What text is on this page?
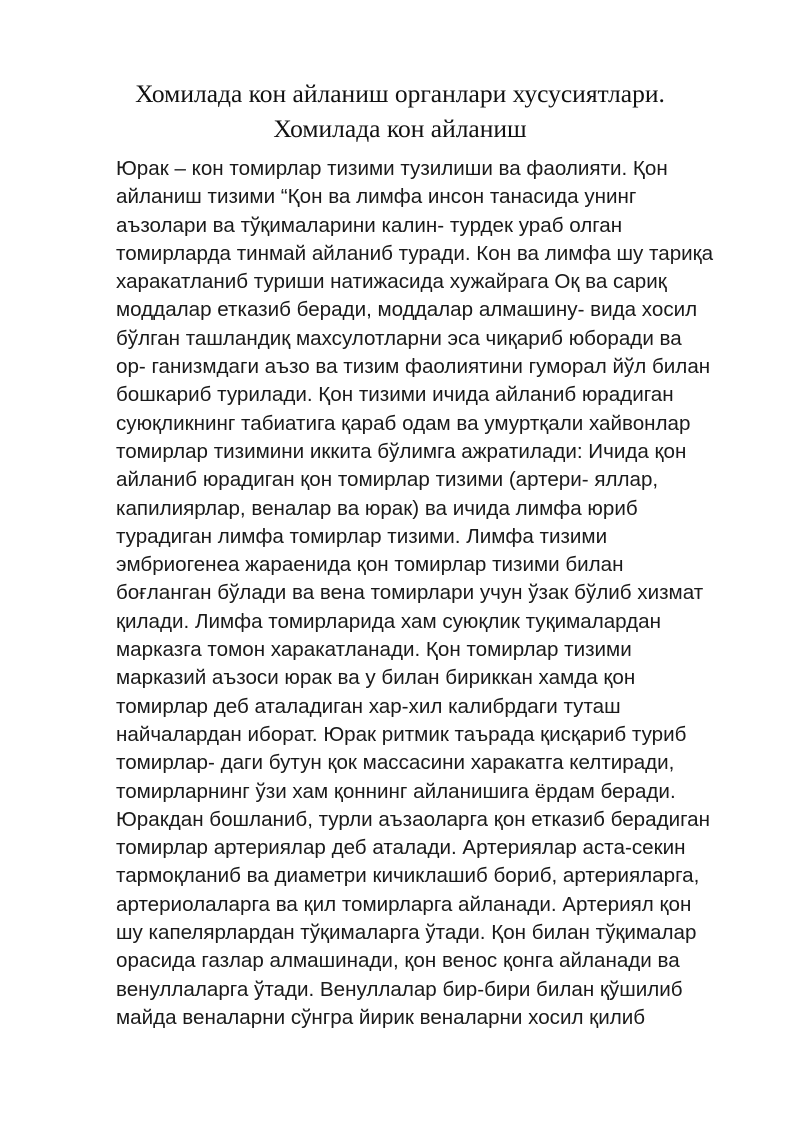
Хомилада кон айланиш органлари хусусиятлари.
Хомилада кон айланиш
Юрак – кон томирлар тизими тузилиши ва фаолияти. Қон
айланиш тизими “Қон ва лимфа инсон танасида унинг
аъзолари ва тўқималарини калин- турдек ураб олган
томирларда тинмай айланиб туради. Кон ва лимфа шу тариқа
харакатланиб туриши натижасида хужайрага Оқ ва сариқ
моддалар етказиб беради, моддалар алмашину- вида хосил
бўлган ташландиқ махсулотларни эса чиқариб юборади ва
ор- ганизмдаги аъзо ва тизим фаолиятини гуморал йўл билан
бошкариб турилади. Қон тизими ичида айланиб юрадиган
суюқликнинг табиатига қараб одам ва умуртқали хайвонлар
томирлар тизимини иккита бўлимга ажратилади: Ичида қон
айланиб юрадиган қон томирлар тизими (артери- яллар,
капилиярлар, веналар ва юрак) ва ичида лимфа юриб
турадиган лимфа томирлар тизими. Лимфа тизими
эмбриогенеа жараенида қон томирлар тизими билан
боғланган бўлади ва вена томирлари учун ўзак бўлиб хизмат
қилади. Лимфа томирларида хам суюқлик туқималардан
марказга томон харакатланади. Қон томирлар тизими
марказий аъзоси юрак ва у билан бириккан хамда қон
томирлар деб аталадиган хар-хил калибрдаги туташ
найчалардан иборат. Юрак ритмик таърада қисқариб туриб
томирлар- даги бутун қок массасини харакатга келтиради,
томирларнинг ўзи хам қоннинг айланишига ёрдам беради.
Юракдан бошланиб, турли аъзаоларга қон етказиб берадиган
томирлар артериялар деб аталади. Артериялар аста-секин
тармоқланиб ва диаметри кичиклашиб бориб, артерияларга,
артериолаларга ва қил томирларга айланади. Артериял қон
шу капелярлардан тўқималарга ўтади. Қон билан тўқималар
орасида газлар алмашинади, қон венос қонга айланади ва
венуллаларга ўтади. Венуллалар бир-бири билан қўшилиб
майда веналарни сўнгра йирик веналарни хосил қилиб
